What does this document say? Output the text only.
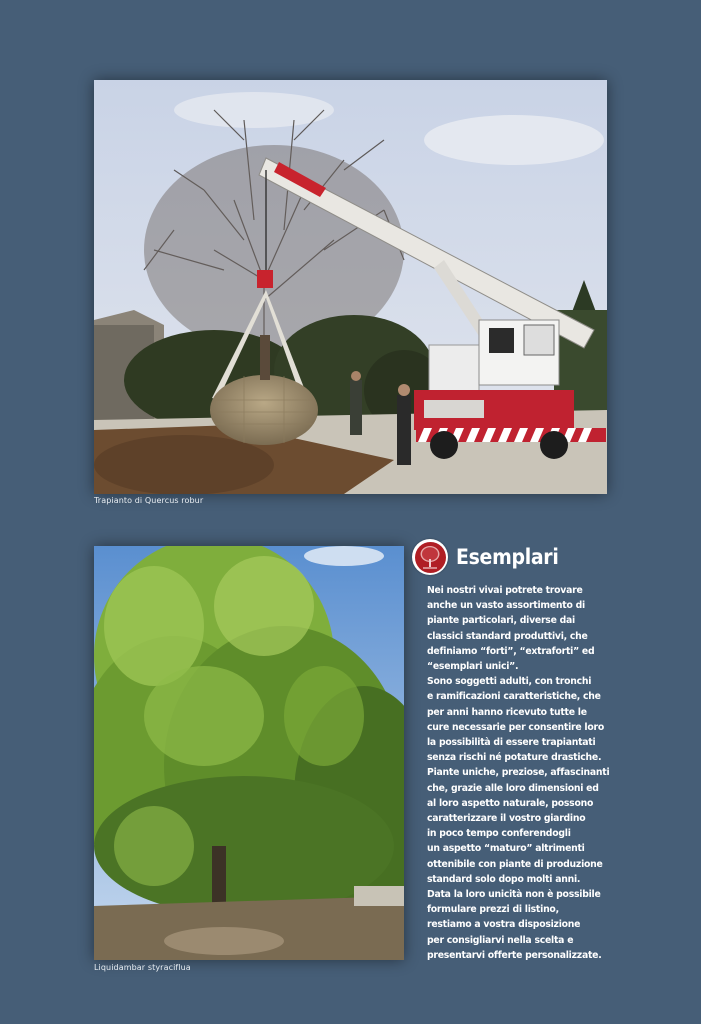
Trapianto di Quercus robur
Liquidambar styraciflua
Esemplari
Nei nostri vivai potrete trovare
anche un vasto assortimento di
piante particolari, diverse dai
classici standard produttivi, che
definiamo “forti”, “extraforti” ed
“esemplari unici”.
Sono soggetti adulti, con tronchi
e ramificazioni caratteristiche, che
per anni hanno ricevuto tutte le
cure necessarie per consentire loro
la possibilità di essere trapiantati
senza rischi né potature drastiche.
Piante uniche, preziose, affascinanti
che, grazie alle loro dimensioni ed
al loro aspetto naturale, possono
caratterizzare il vostro giardino
in poco tempo conferendogli
un aspetto “maturo” altrimenti
ottenibile con piante di produzione
standard solo dopo molti anni.
Data la loro unicità non è possibile
formulare prezzi di listino,
restiamo a vostra disposizione
per consigliarvi nella scelta e
presentarvi offerte personalizzate.
